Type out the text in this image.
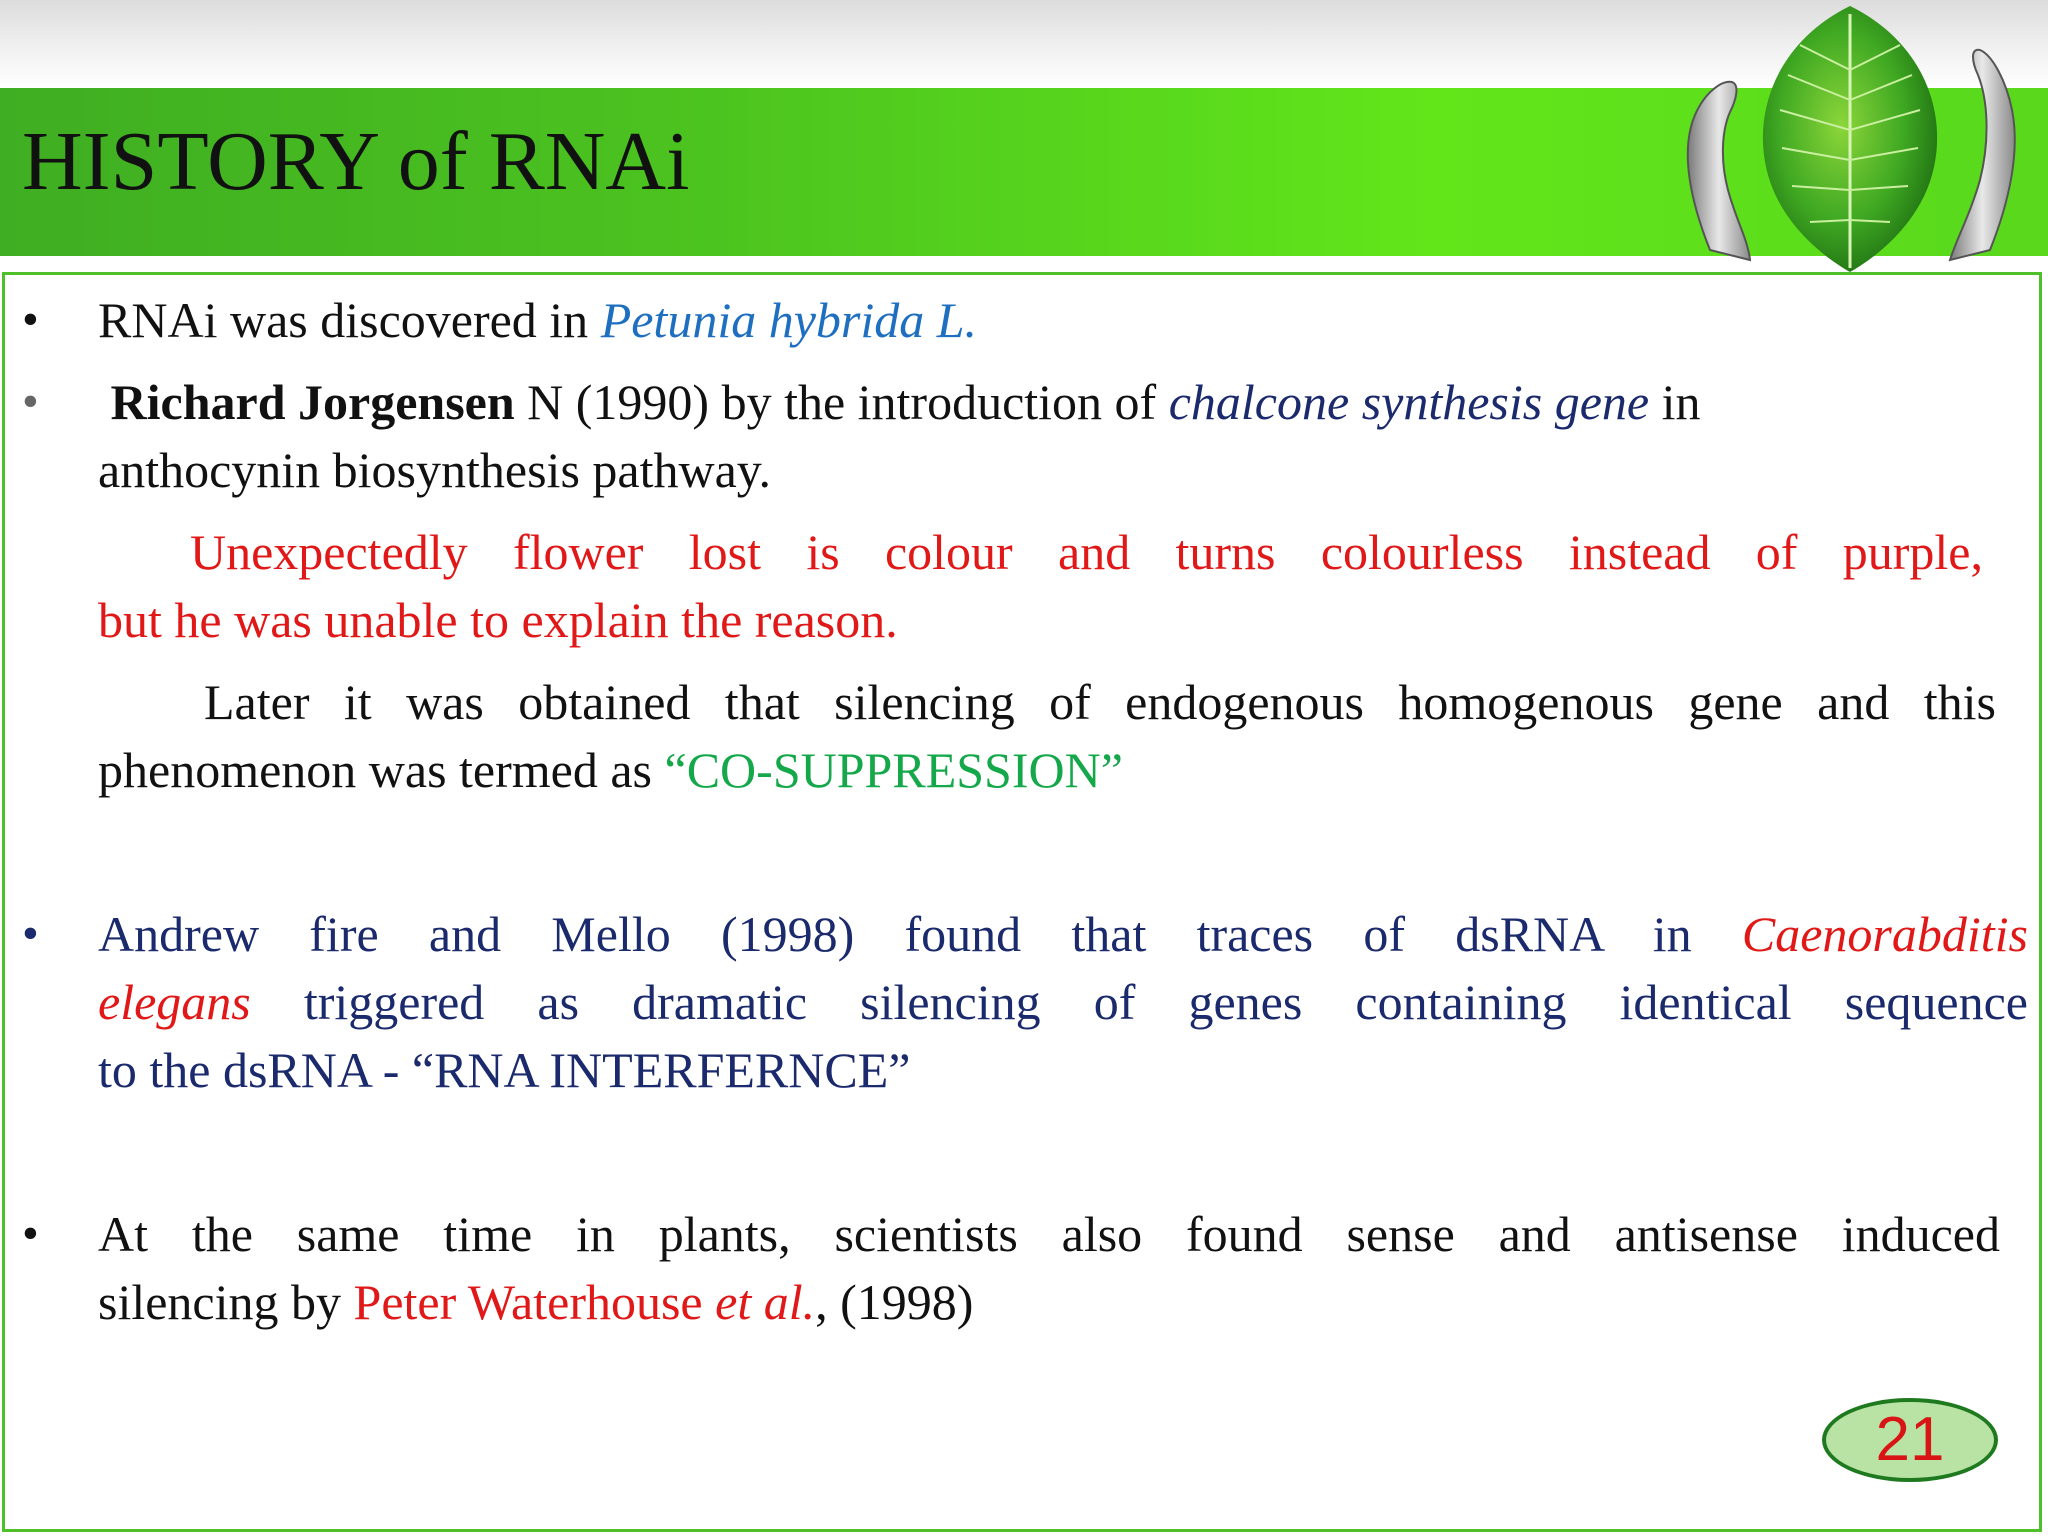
HISTORY of RNAi
• RNAi was discovered in Petunia hybrida L.
• Richard Jorgensen N (1990) by the introduction of chalcone synthesis gene in
anthocynin biosynthesis pathway.
Unexpectedly flower lost is colour and turns colourless instead of purple,
but he was unable to explain the reason.
Later it was obtained that silencing of endogenous homogenous gene and this
phenomenon was termed as “CO-SUPPRESSION”
• Andrew fire and Mello (1998) found that traces of dsRNA in Caenorabditis
elegans triggered as dramatic silencing of genes containing identical sequence
to the dsRNA - “RNA INTERFERNCE”
• At the same time in plants, scientists also found sense and antisense induced
silencing by Peter Waterhouse et al., (1998)
21
